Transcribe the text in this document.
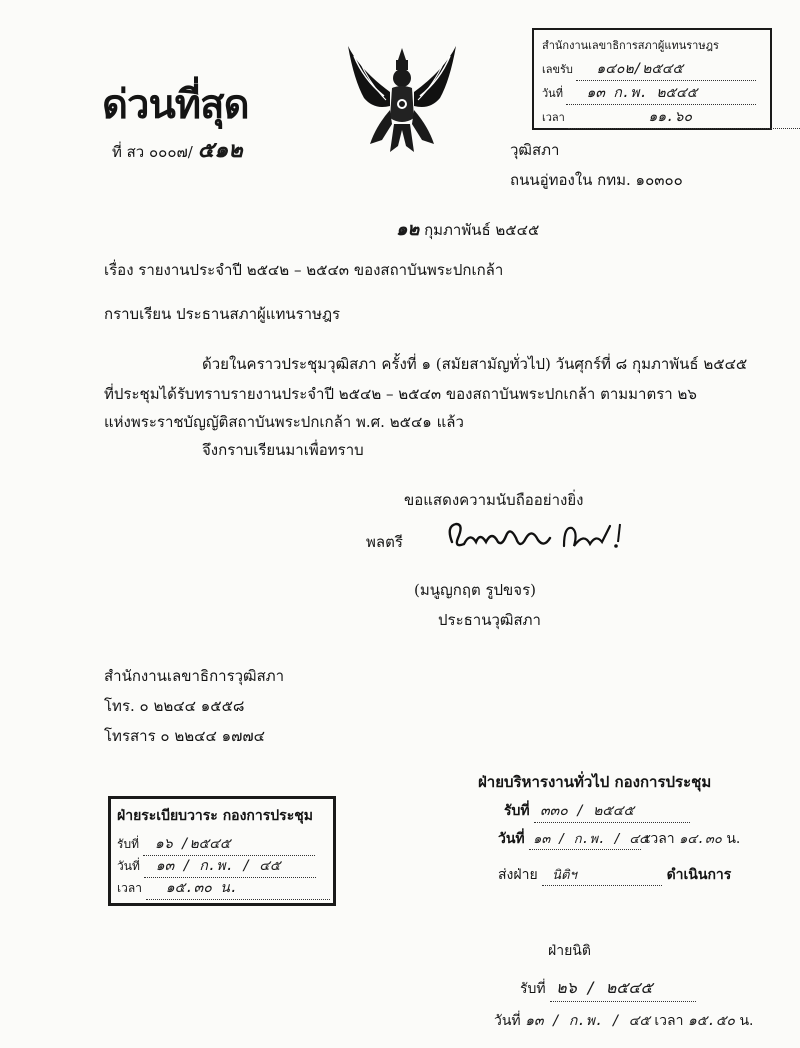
ด่วนที่สุด
ที่ สว ๐๐๐๗/ ๕๑๒
สำนักงานเลขาธิการสภาผู้แทนราษฎร
เลขรับ ๑๔๐๒/๒๕๔๕
วันที่ ๑๓ ก.พ. ๒๕๔๕
เวลา	๑๑.๖๐
วุฒิสภา
ถนนอู่ทองใน กทม. ๑๐๓๐๐
๑๒ กุมภาพันธ์ ๒๕๔๕
เรื่อง รายงานประจำปี ๒๕๔๒ – ๒๕๔๓ ของสถาบันพระปกเกล้า
กราบเรียน ประธานสภาผู้แทนราษฎร
ด้วยในคราวประชุมวุฒิสภา ครั้งที่ ๑ (สมัยสามัญทั่วไป) วันศุกร์ที่ ๘ กุมภาพันธ์ ๒๕๔๕
ที่ประชุมได้รับทราบรายงานประจำปี ๒๕๔๒ – ๒๕๔๓ ของสถาบันพระปกเกล้า ตามมาตรา ๒๖
แห่งพระราชบัญญัติสถาบันพระปกเกล้า พ.ศ. ๒๕๔๑ แล้ว
จึงกราบเรียนมาเพื่อทราบ
ขอแสดงความนับถืออย่างยิ่ง
พลตรี
(มนูญกฤต รูปขจร)
ประธานวุฒิสภา
สำนักงานเลขาธิการวุฒิสภา
โทร. ๐ ๒๒๔๔ ๑๕๕๘
โทรสาร ๐ ๒๒๔๔ ๑๗๗๔
ฝ่ายระเบียบวาระ กองการประชุม
รับที่ ๑๖ /๒๕๔๕
วันที่ ๑๓ / ก.พ. / ๔๕
เวลา ๑๕.๓๐ น.
ฝ่ายบริหารงานทั่วไป กองการประชุม
รับที่ ๓๓๐ / ๒๕๔๕
วันที่ ๑๓ / ก.พ. / ๔๕ เวลา ๑๔.๓๐ น.
ส่งฝ่าย นิติฯ	ดำเนินการ
ฝ่ายนิติ
รับที่ ๒๖ / ๒๕๔๕
วันที่ ๑๓ / ก.พ. / ๔๕ เวลา ๑๕.๕๐ น.
